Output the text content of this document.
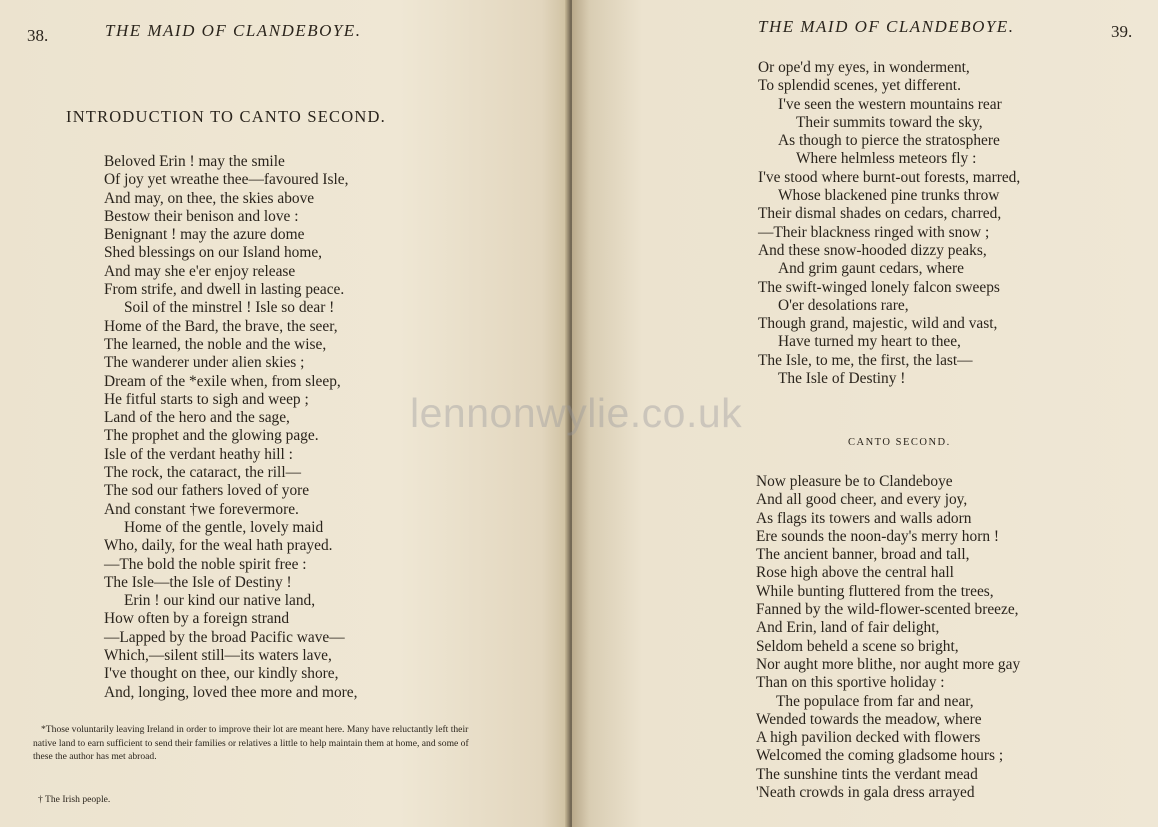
38.	THE MAID OF CLANDEBOYE.
INTRODUCTION TO CANTO SECOND.
Beloved Erin ! may the smile
Of joy yet wreathe thee—favoured Isle,
And may, on thee, the skies above
Bestow their benison and love :
Benignant ! may the azure dome
Shed blessings on our Island home,
And may she e'er enjoy release
From strife, and dwell in lasting peace.
Soil of the minstrel ! Isle so dear !
Home of the Bard, the brave, the seer,
The learned, the noble and the wise,
The wanderer under alien skies ;
Dream of the *exile when, from sleep,
He fitful starts to sigh and weep ;
Land of the hero and the sage,
The prophet and the glowing page.
Isle of the verdant heathy hill :
The rock, the cataract, the rill—
The sod our fathers loved of yore
And constant †we forevermore.
Home of the gentle, lovely maid
Who, daily, for the weal hath prayed.
—The bold the noble spirit free :
The Isle—the Isle of Destiny !
Erin ! our kind our native land,
How often by a foreign strand
—Lapped by the broad Pacific wave—
Which,—silent still—its waters lave,
I've thought on thee, our kindly shore,
And, longing, loved thee more and more,

*Those voluntarily leaving Ireland in order to improve their lot are meant here. Many have reluctantly left their native land to earn sufficient to send their families or relatives a little to help maintain them at home, and some of these the author has met abroad.

† The Irish people.

THE MAID OF CLANDEBOYE.	39.
Or ope'd my eyes, in wonderment,
To splendid scenes, yet different.
I've seen the western mountains rear
Their summits toward the sky,
As though to pierce the stratosphere
Where helmless meteors fly :
I've stood where burnt-out forests, marred,
Whose blackened pine trunks throw
Their dismal shades on cedars, charred,
—Their blackness ringed with snow ;
And these snow-hooded dizzy peaks,
And grim gaunt cedars, where
The swift-winged lonely falcon sweeps
O'er desolations rare,
Though grand, majestic, wild and vast,
Have turned my heart to thee,
The Isle, to me, the first, the last—
The Isle of Destiny !
CANTO SECOND.
Now pleasure be to Clandeboye
And all good cheer, and every joy,
As flags its towers and walls adorn
Ere sounds the noon-day's merry horn !
The ancient banner, broad and tall,
Rose high above the central hall
While bunting fluttered from the trees,
Fanned by the wild-flower-scented breeze,
And Erin, land of fair delight,
Seldom beheld a scene so bright,
Nor aught more blithe, nor aught more gay
Than on this sportive holiday :
The populace from far and near,
Wended towards the meadow, where
A high pavilion decked with flowers
Welcomed the coming gladsome hours ;
The sunshine tints the verdant mead
'Neath crowds in gala dress arrayed
lennonwylie.co.uk
